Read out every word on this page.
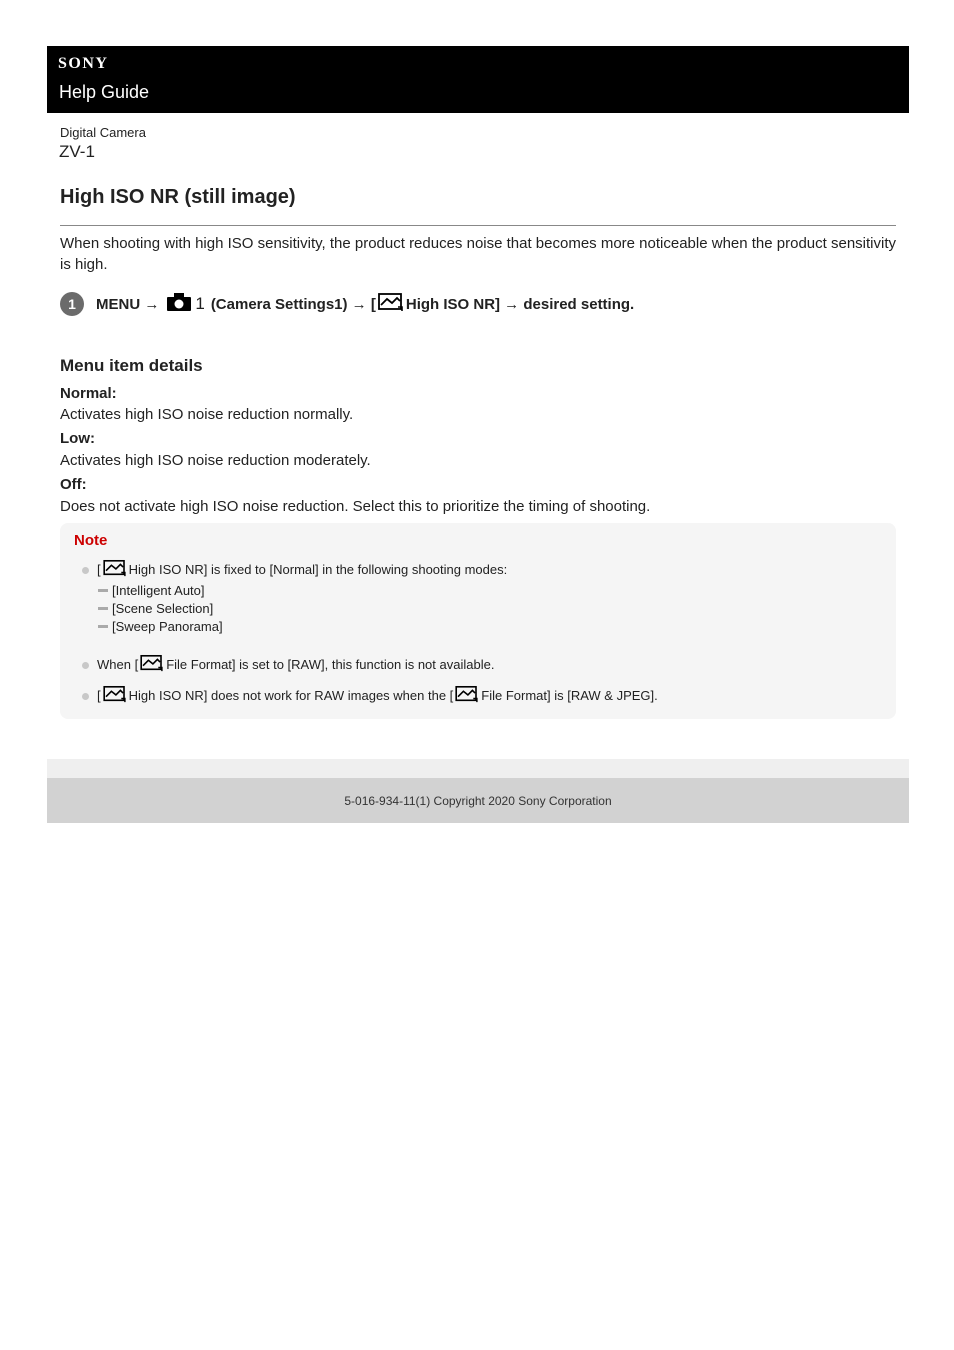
SONY
Help Guide
Digital Camera
ZV-1
High ISO NR (still image)

When shooting with high ISO sensitivity, the product reduces noise that becomes more noticeable when the product sensitivity is high.

1	MENU → 1 (Camera Settings1) → [ High ISO NR] → desired setting.
Menu item details
Normal:
Activates high ISO noise reduction normally.
Low:
Activates high ISO noise reduction moderately.
Off:
Does not activate high ISO noise reduction. Select this to prioritize the timing of shooting.
Note
[ High ISO NR] is fixed to [Normal] in the following shooting modes:
[Intelligent Auto]
[Scene Selection]
[Sweep Panorama]
When [ File Format] is set to [RAW], this function is not available.
[ High ISO NR] does not work for RAW images when the [ File Format] is [RAW & JPEG].
5-016-934-11(1) Copyright 2020 Sony Corporation
